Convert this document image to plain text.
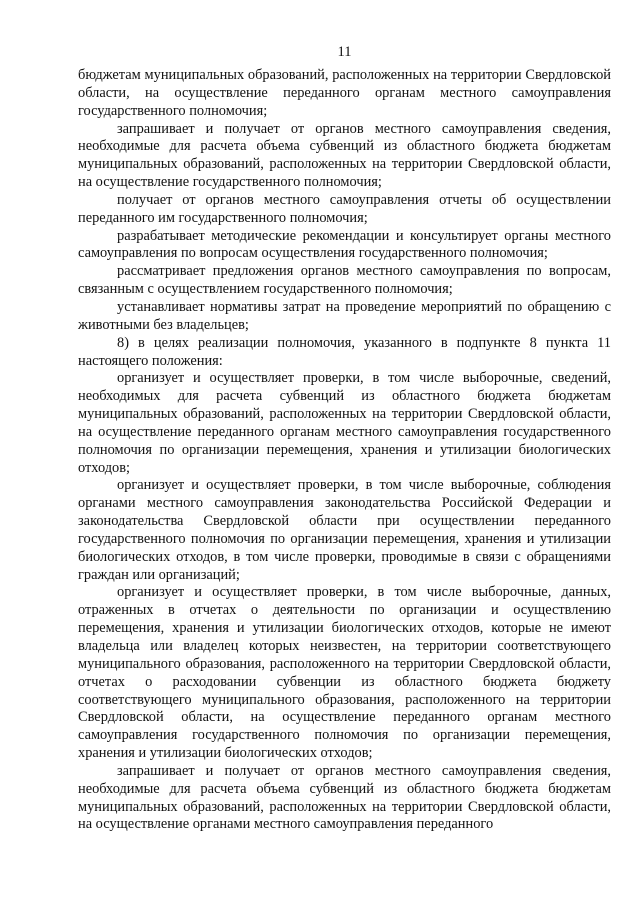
11

бюджетам муниципальных образований, расположенных на территории Свердловской области, на осуществление переданного органам местного самоуправления государственного полномочия;

запрашивает и получает от органов местного самоуправления сведения, необходимые для расчета объема субвенций из областного бюджета бюджетам муниципальных образований, расположенных на территории Свердловской области, на осуществление государственного полномочия;

получает от органов местного самоуправления отчеты об осуществлении переданного им государственного полномочия;

разрабатывает методические рекомендации и консультирует органы местного самоуправления по вопросам осуществления государственного полномочия;

рассматривает предложения органов местного самоуправления по вопросам, связанным с осуществлением государственного полномочия;

устанавливает нормативы затрат на проведение мероприятий по обращению с животными без владельцев;

8) в целях реализации полномочия, указанного в подпункте 8 пункта 11 настоящего положения:

организует и осуществляет проверки, в том числе выборочные, сведений, необходимых для расчета субвенций из областного бюджета бюджетам муниципальных образований, расположенных на территории Свердловской области, на осуществление переданного органам местного самоуправления государственного полномочия по организации перемещения, хранения и утилизации биологических отходов;

организует и осуществляет проверки, в том числе выборочные, соблюдения органами местного самоуправления законодательства Российской Федерации и законодательства Свердловской области при осуществлении переданного государственного полномочия по организации перемещения, хранения и утилизации биологических отходов, в том числе проверки, проводимые в связи с обращениями граждан или организаций;

организует и осуществляет проверки, в том числе выборочные, данных, отраженных в отчетах о деятельности по организации и осуществлению перемещения, хранения и утилизации биологических отходов, которые не имеют владельца или владелец которых неизвестен, на территории соответствующего муниципального образования, расположенного на территории Свердловской области, отчетах о расходовании субвенции из областного бюджета бюджету соответствующего муниципального образования, расположенного на территории Свердловской области, на осуществление переданного органам местного самоуправления государственного полномочия по организации перемещения, хранения и утилизации биологических отходов;

запрашивает и получает от органов местного самоуправления сведения, необходимые для расчета объема субвенций из областного бюджета бюджетам муниципальных образований, расположенных на территории Свердловской области, на осуществление органами местного самоуправления переданного
